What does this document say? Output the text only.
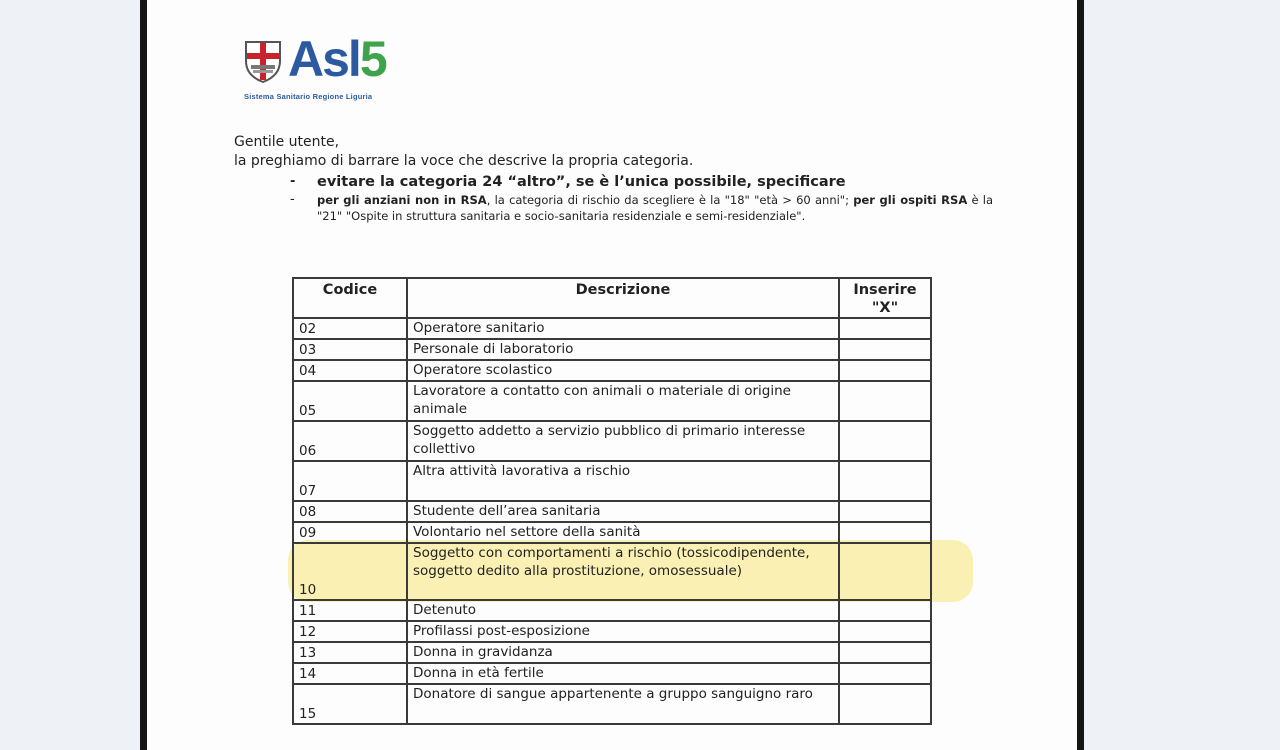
Asl5
Sistema Sanitario Regione Liguria
Gentile utente,
la preghiamo di barrare la voce che descrive la propria categoria.
- evitare la categoria 24 “altro”, se è l’unica possibile, specificare
- per gli anziani non in RSA, la categoria di rischio da scegliere è la "18" "età > 60 anni"; per gli ospiti RSA è la "21" "Ospite in struttura sanitaria e socio-sanitaria residenziale e semi-residenziale".
Codice	Descrizione	Inserire "X"
02	Operatore sanitario	
03	Personale di laboratorio	
04	Operatore scolastico	
05	Lavoratore a contatto con animali o materiale di origine animale	
06	Soggetto addetto a servizio pubblico di primario interesse collettivo	
07	Altra attività lavorativa a rischio	
08	Studente dell’area sanitaria	
09	Volontario nel settore della sanità	
10	Soggetto con comportamenti a rischio (tossicodipendente, soggetto dedito alla prostituzione, omosessuale)	
11	Detenuto	
12	Profilassi post-esposizione	
13	Donna in gravidanza	
14	Donna in età fertile	
15	Donatore di sangue appartenente a gruppo sanguigno raro	
